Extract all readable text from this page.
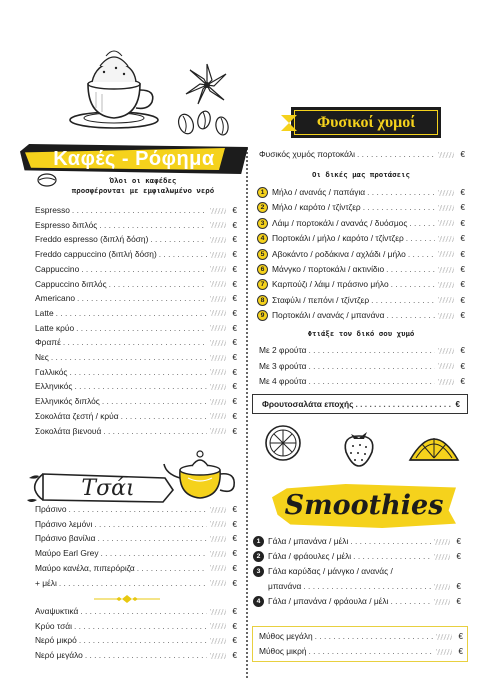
Καφές - Ρόφημα
Όλοι οι καφέδες
προσφέρονται με εμφιαλωμένο νερό
Espresso . . .	€
Espresso διπλός . . .	€
Freddo espresso (διπλή δόση) . . .	€
Freddo cappuccino (διπλή δόση) . . .	€
Cappuccino . . .	€
Cappuccino διπλός . . .	€
Americano . . .	€
Latte . . .	€
Latte κρύο . . .	€
Φραπέ . . .	€
Νες . . .	€
Γαλλικός . . .	€
Ελληνικός . . .	€
Ελληνικός διπλός . . .	€
Σοκολάτα ζεστή / κρύα . . .	€
Σοκολάτα βιενουά . . .	€
Τσάι
Πράσινο . . .	€
Πράσινο λεμόνι . . .	€
Πράσινο βανίλια . . .	€
Μαύρο Earl Grey . . .	€
Μαύρο κανέλα, πιπερόριζα . . .	€
+ μέλι . . .	€
Αναψυκτικά . . .	€
Κρύο τσάι . . .	€
Νερό μικρό . . .	€
Νερό μεγάλο . . .	€
Φυσικοί χυμοί
Φυσικός χυμός πορτοκάλι . . .	€
Οι δικές μας προτάσεις
1 Μήλο / ανανάς / παπάγια . . .	€
2 Μήλο / καρότο / τζίντζερ . . .	€
3 Λάιμ / πορτοκάλι / ανανάς / δυόσμος . . .	€
4 Πορτοκάλι / μήλο / καρότο / τζίντζερ . . .	€
5 Αβοκάντο / ροδάκινα / αχλάδι / μήλο . . .	€
6 Μάνγκο / πορτοκάλι / ακτινίδιο . . .	€
7 Καρπούζι / λάιμ / πράσινο μήλο . . .	€
8 Σταφύλι / πεπόνι / τζίντζερ . . .	€
9 Πορτοκάλι / ανανάς / μπανάνα . . .	€
Φτιάξε τον δικό σου χυμό
Με 2 φρούτα . . .	€
Με 3 φρούτα . . .	€
Με 4 φρούτα . . .	€
Φρουτοσαλάτα εποχής . . .	€
Smoothies
1 Γάλα / μπανάνα / μέλι . . .	€
2 Γάλα / φράουλες / μέλι . . .	€
3 Γάλα καρύδας / μάνγκο / ανανάς /
μπανάνα . . .	€
4 Γάλα / μπανάνα / φράουλα / μέλι . . .	€
Μύθος μεγάλη . . .	€
Μύθος μικρή . . .	€
